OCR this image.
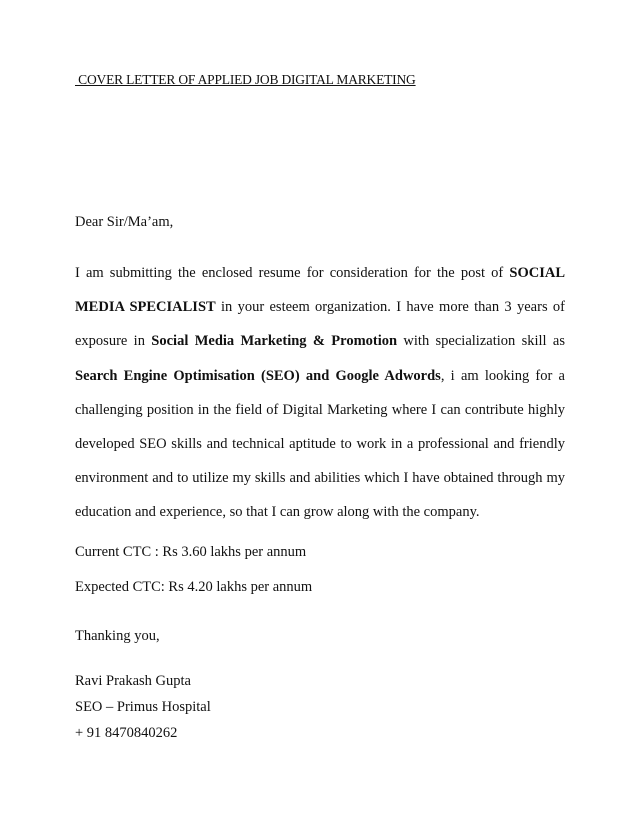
COVER LETTER OF APPLIED JOB DIGITAL MARKETING
Dear Sir/Ma’am,
I am submitting the enclosed resume for consideration for the post of SOCIAL MEDIA SPECIALIST in your esteem organization. I have more than 3 years of exposure in Social Media Marketing & Promotion with specialization skill as Search Engine Optimisation (SEO) and Google Adwords, i am looking for a challenging position in the field of Digital Marketing where I can contribute highly developed SEO skills and technical aptitude to work in a professional and friendly environment and to utilize my skills and abilities which I have obtained through my education and experience, so that I can grow along with the company.
Current CTC : Rs 3.60 lakhs per annum
Expected CTC: Rs 4.20 lakhs per annum
Thanking you,
Ravi Prakash Gupta
SEO – Primus Hospital
+ 91 8470840262
